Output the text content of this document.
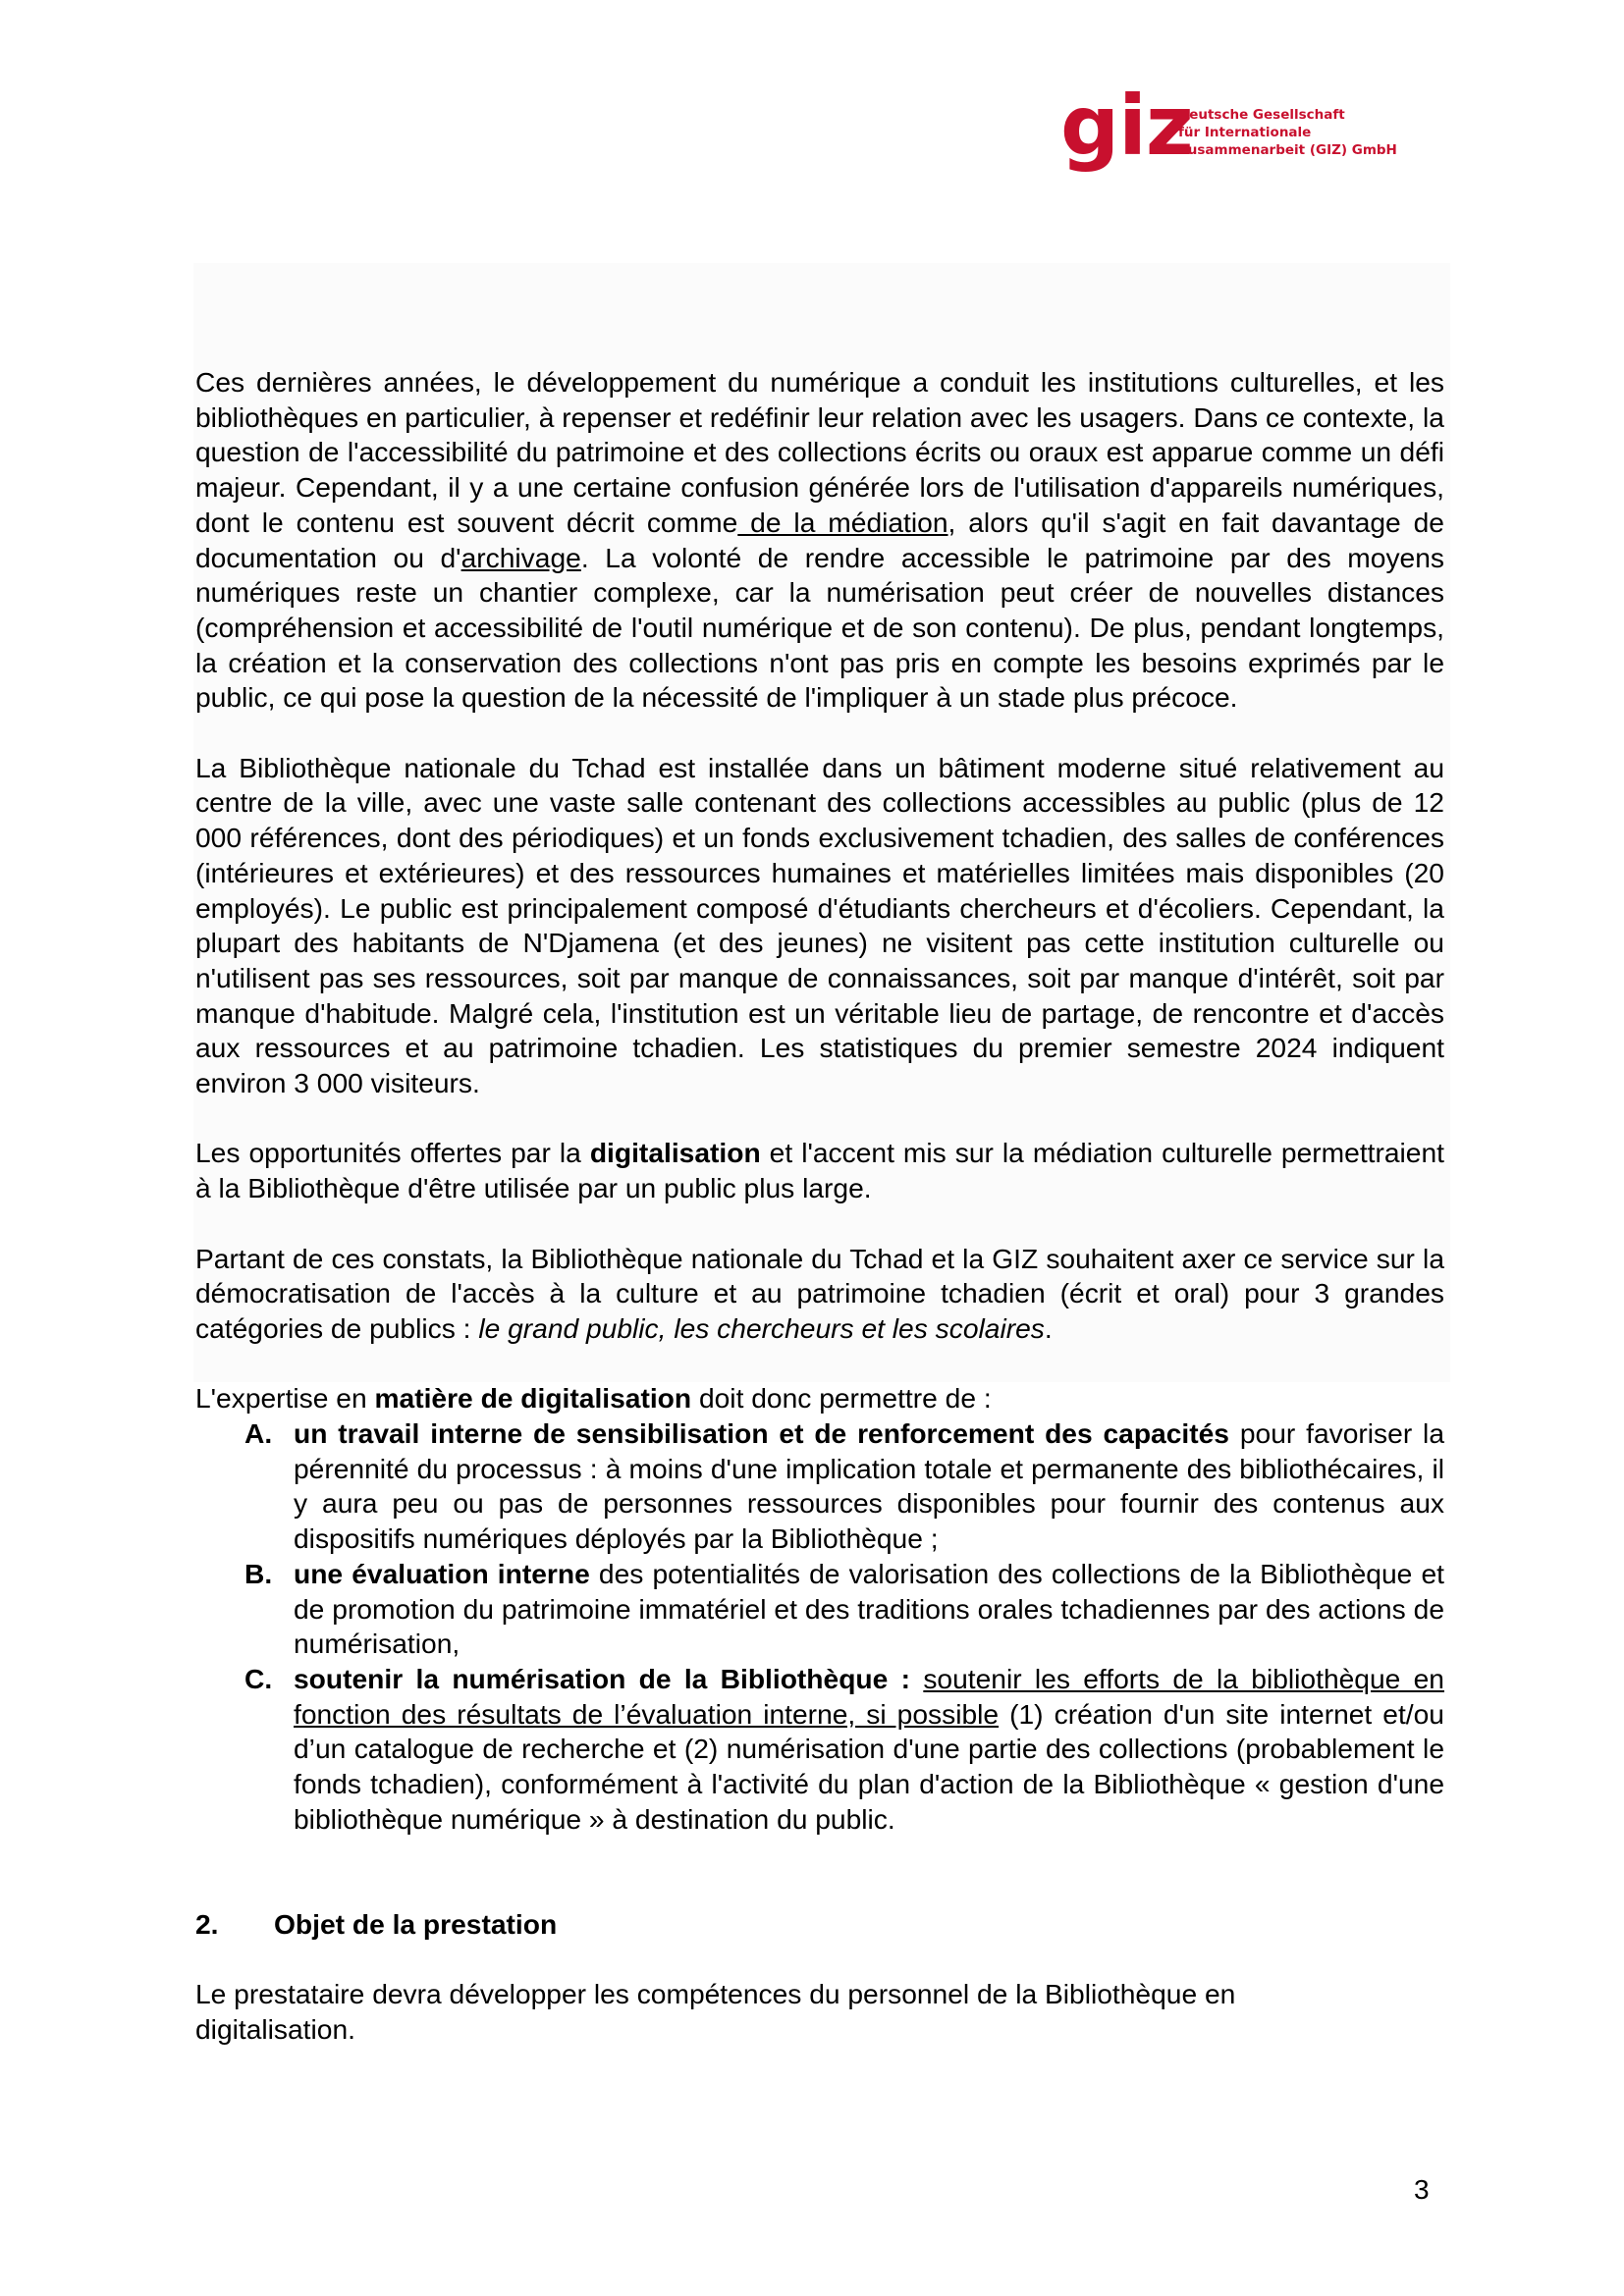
giz
Deutsche Gesellschaft
für Internationale
Zusammenarbeit (GIZ) GmbH

Ces dernières années, le développement du numérique a conduit les institutions culturelles, et les bibliothèques en particulier, à repenser et redéfinir leur relation avec les usagers. Dans ce contexte, la question de l'accessibilité du patrimoine et des collections écrits ou oraux est apparue comme un défi majeur. Cependant, il y a une certaine confusion générée lors de l'utilisation d'appareils numériques, dont le contenu est souvent décrit comme de la médiation, alors qu'il s'agit en fait davantage de documentation ou d'archivage. La volonté de rendre accessible le patrimoine par des moyens numériques reste un chantier complexe, car la numérisation peut créer de nouvelles distances (compréhension et accessibilité de l'outil numérique et de son contenu). De plus, pendant longtemps, la création et la conservation des collections n'ont pas pris en compte les besoins exprimés par le public, ce qui pose la question de la nécessité de l'impliquer à un stade plus précoce.

La Bibliothèque nationale du Tchad est installée dans un bâtiment moderne situé relativement au centre de la ville, avec une vaste salle contenant des collections accessibles au public (plus de 12 000 références, dont des périodiques) et un fonds exclusivement tchadien, des salles de conférences (intérieures et extérieures) et des ressources humaines et matérielles limitées mais disponibles (20 employés). Le public est principalement composé d'étudiants chercheurs et d'écoliers. Cependant, la plupart des habitants de N'Djamena (et des jeunes) ne visitent pas cette institution culturelle ou n'utilisent pas ses ressources, soit par manque de connaissances, soit par manque d'intérêt, soit par manque d'habitude. Malgré cela, l'institution est un véritable lieu de partage, de rencontre et d'accès aux ressources et au patrimoine tchadien. Les statistiques du premier semestre 2024 indiquent environ 3 000 visiteurs.

Les opportunités offertes par la digitalisation et l'accent mis sur la médiation culturelle permettraient à la Bibliothèque d'être utilisée par un public plus large.

Partant de ces constats, la Bibliothèque nationale du Tchad et la GIZ souhaitent axer ce service sur la démocratisation de l'accès à la culture et au patrimoine tchadien (écrit et oral) pour 3 grandes catégories de publics : le grand public, les chercheurs et les scolaires.

L'expertise en matière de digitalisation doit donc permettre de :

A. un travail interne de sensibilisation et de renforcement des capacités pour favoriser la pérennité du processus : à moins d'une implication totale et permanente des bibliothécaires, il y aura peu ou pas de personnes ressources disponibles pour fournir des contenus aux dispositifs numériques déployés par la Bibliothèque ;
B. une évaluation interne des potentialités de valorisation des collections de la Bibliothèque et de promotion du patrimoine immatériel et des traditions orales tchadiennes par des actions de numérisation,
C. soutenir la numérisation de la Bibliothèque : soutenir les efforts de la bibliothèque en fonction des résultats de l’évaluation interne, si possible (1) création d'un site internet et/ou d’un catalogue de recherche et (2) numérisation d'une partie des collections (probablement le fonds tchadien), conformément à l'activité du plan d'action de la Bibliothèque « gestion d'une bibliothèque numérique » à destination du public.
2.	Objet de la prestation

Le prestataire devra développer les compétences du personnel de la Bibliothèque en digitalisation.

3
